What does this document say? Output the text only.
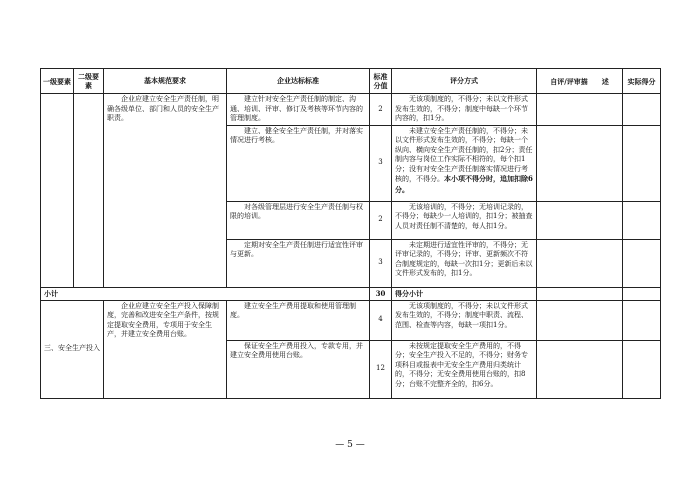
一级要素	二级要素	基本规范要求	企业达标标准	标准分值	评分方式	自评/评审描　　述	实际得分
		企业应建立安全生产责任制，明确各级单位、部门和人员的安全生产职责。	建立针对安全生产责任制的制定、沟通、培训、评审、修订及考核等环节内容的管理制度。	2	无该项制度的，不得分；未以文件形式发布生效的，不得分；制度中每缺一个环节内容的，扣1分。		
			建立、健全安全生产责任制，并对落实情况进行考核。	3	未建立安全生产责任制的，不得分；未以文件形式发布生效的，不得分；每缺一个纵向、横向安全生产责任制的，扣2分；责任制内容与岗位工作实际不相符的，每个扣1分；没有对安全生产责任制落实情况进行考核的，不得分。本小项不得分时，追加扣除6分。		
			对各级管理层进行安全生产责任制与权限的培训。	2	无该培训的，不得分；无培训记录的，不得分；每缺少一人培训的，扣1分；被抽查人员对责任制不清楚的，每人扣1分。		
			定期对安全生产责任制进行适宜性评审与更新。	3	未定期进行适宜性评审的，不得分；无评审记录的，不得分；评审、更新频次不符合制度规定的，每缺一次扣1分；更新后未以文件形式发布的，扣1分。		
小计				30	得分小计		
三、安全生产投入		企业应建立安全生产投入保障制度，完善和改进安全生产条件，按规定提取安全费用，专项用于安全生产，并建立安全费用台账。	建立安全生产费用提取和使用管理制度。	4	无该项制度的，不得分；未以文件形式发布生效的，不得分；制度中职责、流程、范围、检查等内容，每缺一项扣1分。		
			保证安全生产费用投入，专款专用，并建立安全费用使用台账。	12	未按规定提取安全生产费用的，不得分；安全生产投入不足的，不得分；财务专项科目或报表中无安全生产费用归类统计的，不得分；无安全费用使用台账的，扣8分；台账不完整齐全的，扣6分。		
— 5 —
